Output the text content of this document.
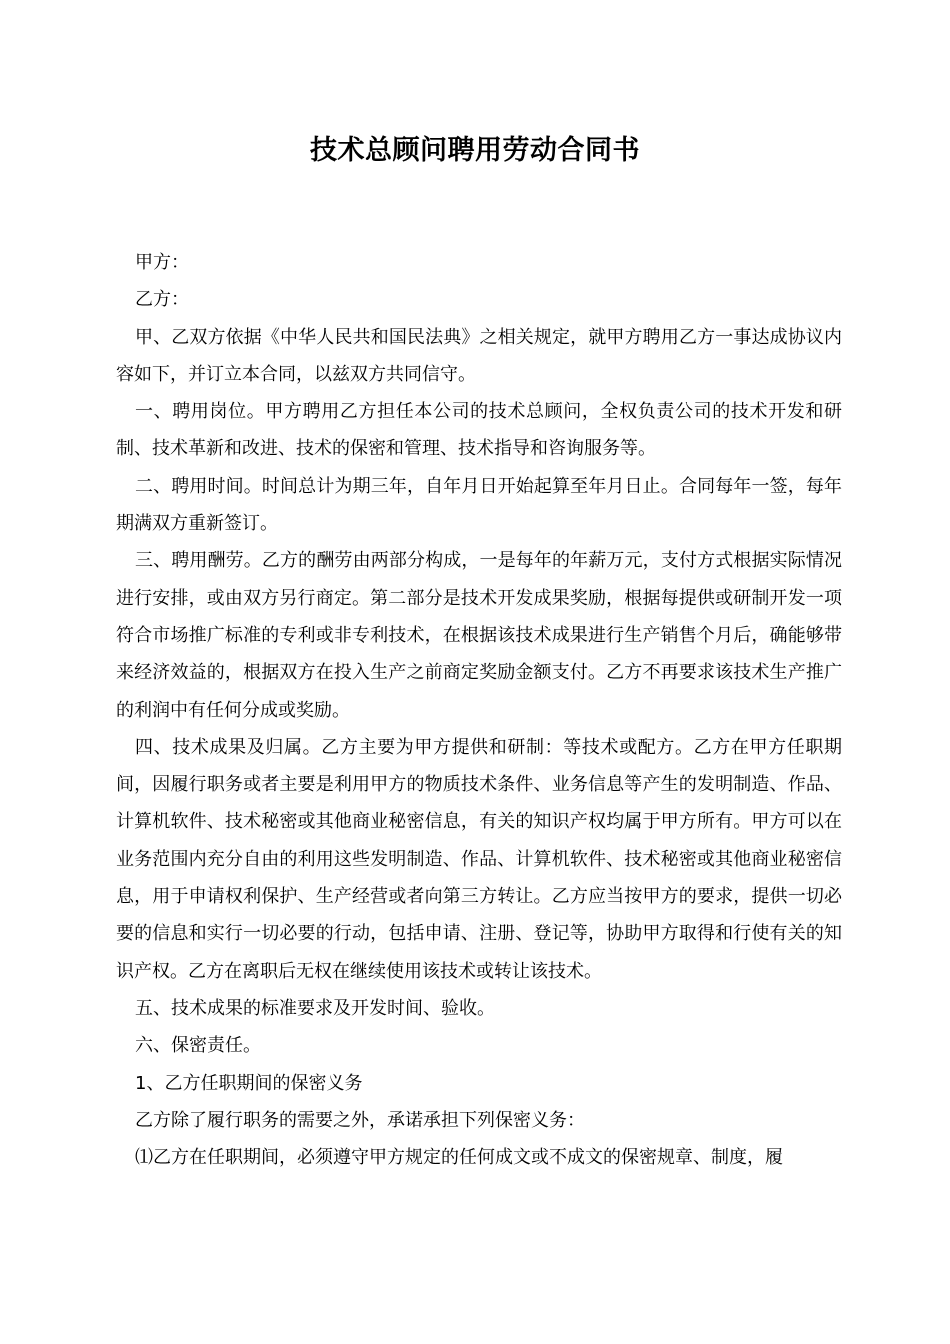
技术总顾问聘用劳动合同书

甲方：

乙方：

甲、乙双方依据《中华人民共和国民法典》之相关规定，就甲方聘用乙方一事达成协议内容如下，并订立本合同，以兹双方共同信守。

一、聘用岗位。甲方聘用乙方担任本公司的技术总顾问，全权负责公司的技术开发和研制、技术革新和改进、技术的保密和管理、技术指导和咨询服务等。

二、聘用时间。时间总计为期三年，自年月日开始起算至年月日止。合同每年一签，每年期满双方重新签订。

三、聘用酬劳。乙方的酬劳由两部分构成，一是每年的年薪万元，支付方式根据实际情况进行安排，或由双方另行商定。第二部分是技术开发成果奖励，根据每提供或研制开发一项符合市场推广标准的专利或非专利技术，在根据该技术成果进行生产销售个月后，确能够带来经济效益的，根据双方在投入生产之前商定奖励金额支付。乙方不再要求该技术生产推广的利润中有任何分成或奖励。

四、技术成果及归属。乙方主要为甲方提供和研制：等技术或配方。乙方在甲方任职期间，因履行职务或者主要是利用甲方的物质技术条件、业务信息等产生的发明制造、作品、计算机软件、技术秘密或其他商业秘密信息，有关的知识产权均属于甲方所有。甲方可以在业务范围内充分自由的利用这些发明制造、作品、计算机软件、技术秘密或其他商业秘密信息，用于申请权利保护、生产经营或者向第三方转让。乙方应当按甲方的要求，提供一切必要的信息和实行一切必要的行动，包括申请、注册、登记等，协助甲方取得和行使有关的知识产权。乙方在离职后无权在继续使用该技术或转让该技术。

五、技术成果的标准要求及开发时间、验收。

六、保密责任。

1、乙方任职期间的保密义务

乙方除了履行职务的需要之外，承诺承担下列保密义务：

⑴乙方在任职期间，必须遵守甲方规定的任何成文或不成文的保密规章、制度，履
